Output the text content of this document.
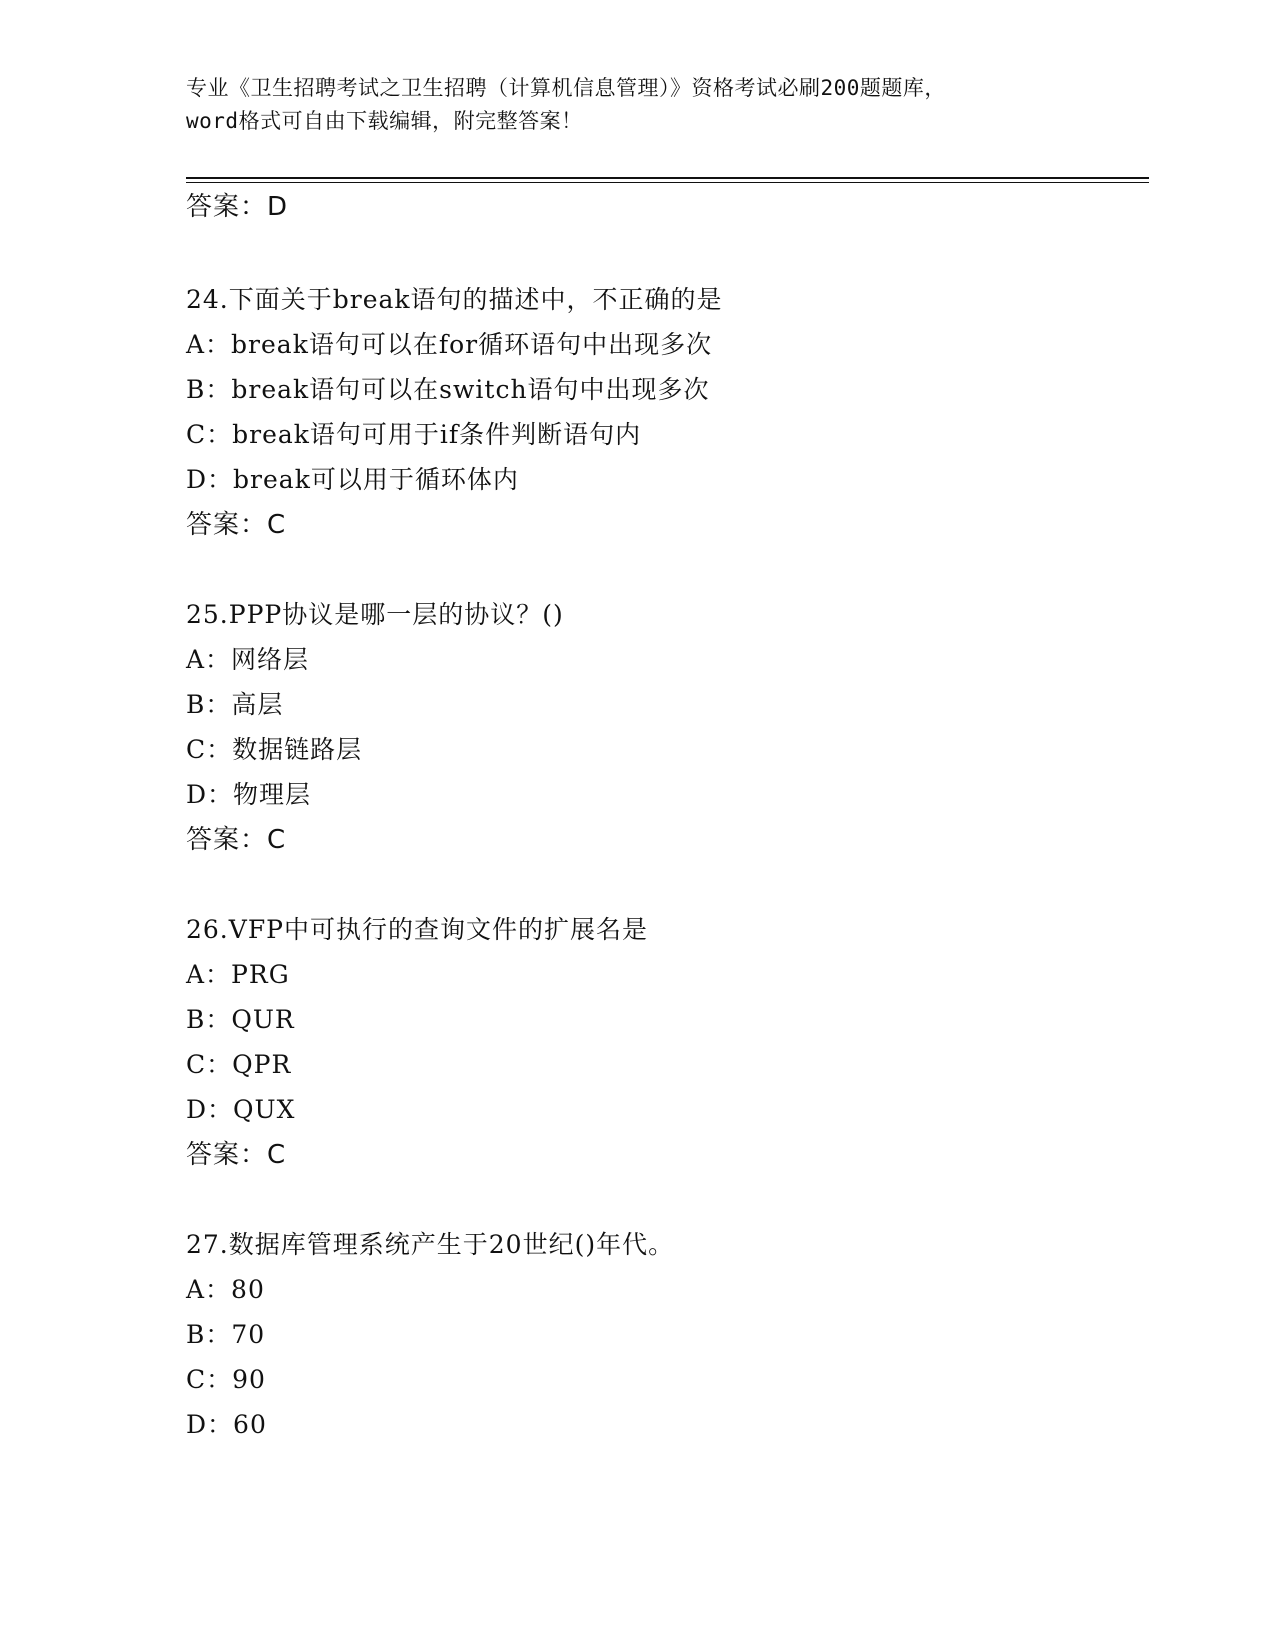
专业《卫生招聘考试之卫生招聘（计算机信息管理）》资格考试必刷200题题库，
word格式可自由下载编辑，附完整答案！
答案：D
24.下面关于break语句的描述中，不正确的是
A：break语句可以在for循环语句中出现多次
B：break语句可以在switch语句中出现多次
C：break语句可用于if条件判断语句内
D：break可以用于循环体内
答案：C
25.PPP协议是哪一层的协议？()
A：网络层
B：高层
C：数据链路层
D：物理层
答案：C
26.VFP中可执行的查询文件的扩展名是
A：PRG
B：QUR
C：QPR
D：QUX
答案：C
27.数据库管理系统产生于20世纪()年代。
A：80
B：70
C：90
D：60
